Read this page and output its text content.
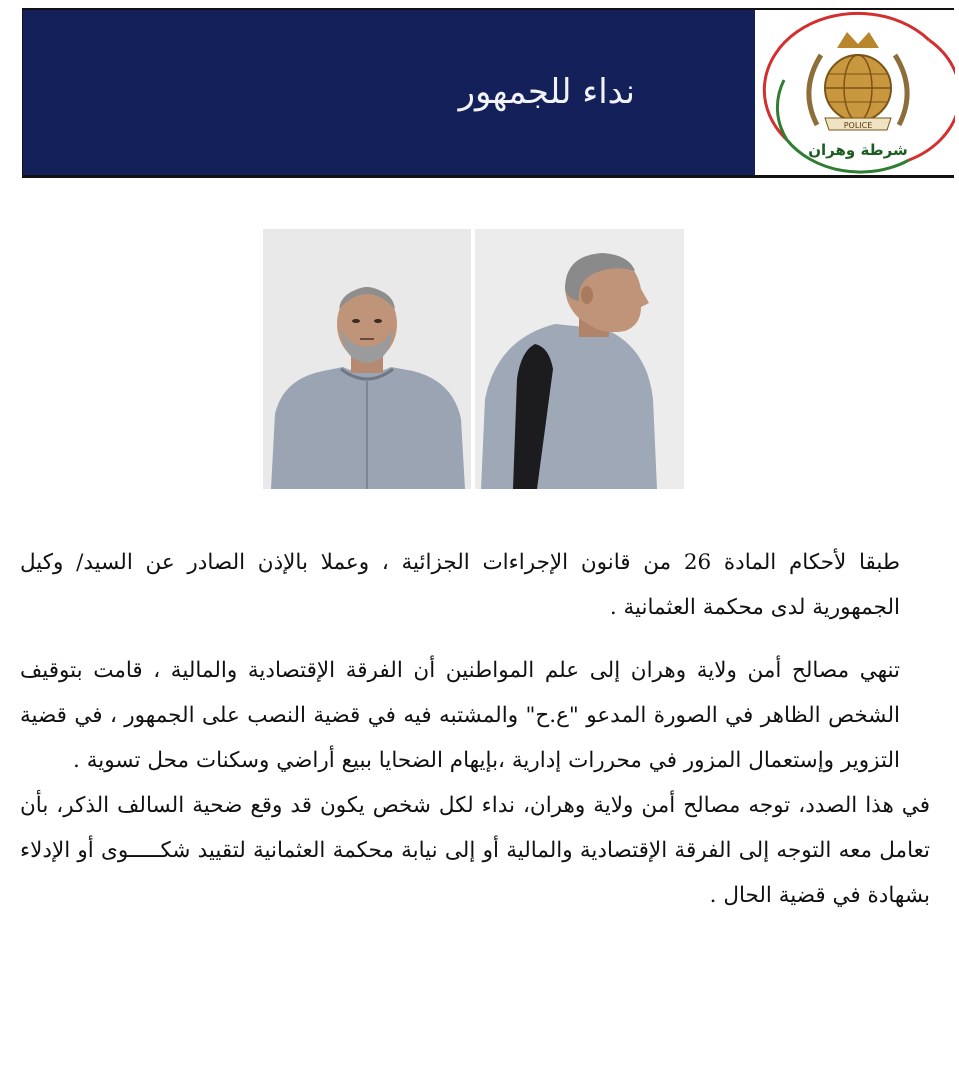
نداء للجمهور
POLICE
شرطة وهران

طبقا لأحكام المادة 26 من قانون الإجراءات الجزائية ، وعملا بالإذن الصادر عن السيد/ وكيل الجمهورية لدى محكمة العثمانية .

تنهي مصالح أمن ولاية وهران إلى علم المواطنين أن الفرقة الإقتصادية والمالية ، قامت بتوقيف الشخص الظاهر في الصورة المدعو "ع.ح" والمشتبه فيه في قضية النصب على الجمهور ، في قضية التزوير وإستعمال المزور في محررات إدارية ،بإيهام الضحايا ببيع أراضي وسكنات محل تسوية .

في هذا الصدد، توجه مصالح أمن ولاية وهران، نداء لكل شخص يكون قد وقع ضحية السالف الذكر، بأن تعامل معه التوجه إلى الفرقة الإقتصادية والمالية أو إلى نيابة محكمة العثمانية لتقييد شكـــــوى أو الإدلاء بشهادة في قضية الحال .
